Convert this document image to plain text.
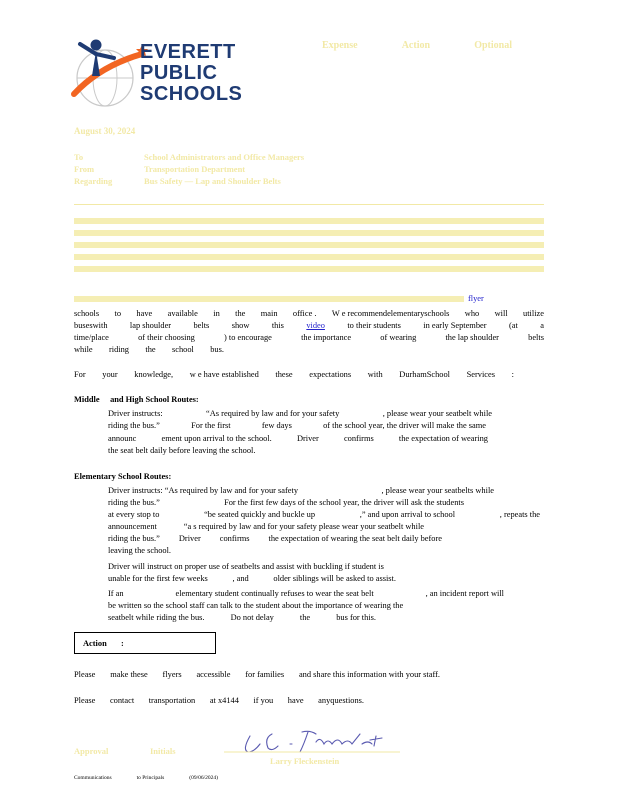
EVERETT
PUBLIC
SCHOOLS
Expense	Action	Optional
August 30, 2024
To	School Administrators and Office Managers
From	Transportation Department
Regarding	Bus Safety — Lap and Shoulder Belts
flyer
schools to have available in the main office . W e recommendelementaryschools who will utilize
buseswith	lap shoulder	belts	show	this	video	to their students	in early September	(at	a
time/place	of their choosing	) to encourage	the importance	of wearing	the lap shoulder	belts
while riding the school bus.
For your knowledge, w e have established these expectations with DurhamSchool Services :
Middle and High School Routes:
Driver instructs:	“As required by law and for your safety	, please wear your seatbelt while
riding the bus.”	For the first	few days	of the school year, the driver will make the same
announc	ement upon arrival to the school.	Driver	confirms	the expectation of wearing
the seat belt daily before leaving the school.
Elementary School Routes:
Driver instructs: “As required by law and for your safety	, please wear your seatbelts while
riding the bus.”	For the first few days of the school year, the driver will ask the students
at every stop to	“be seated quickly and buckle up	,” and upon arrival to school	, repeats the
announcement	“a s required by law and for your safety please wear your seatbelt while
riding the bus.” Driver confirms the expectation of wearing the seat belt daily before
leaving the school.
Driver will instruct on proper use of seatbelts and assist with buckling if student is
unable for the first few weeks	, and	older siblings will be asked to assist.
If an	elementary student continually refuses to wear the seat belt	, an incident report will
be written so the school staff can talk to the student about the importance of wearing the
seatbelt while riding the bus.	Do not delay	the	bus for this.
Action :
Please make these flyers accessible for families and share this information with your staff.
Please contact transportation at x4144 if you have anyquestions.
Approval	Initials
Larry Fleckenstein
Communications	to Principals	(09/06/2024)
